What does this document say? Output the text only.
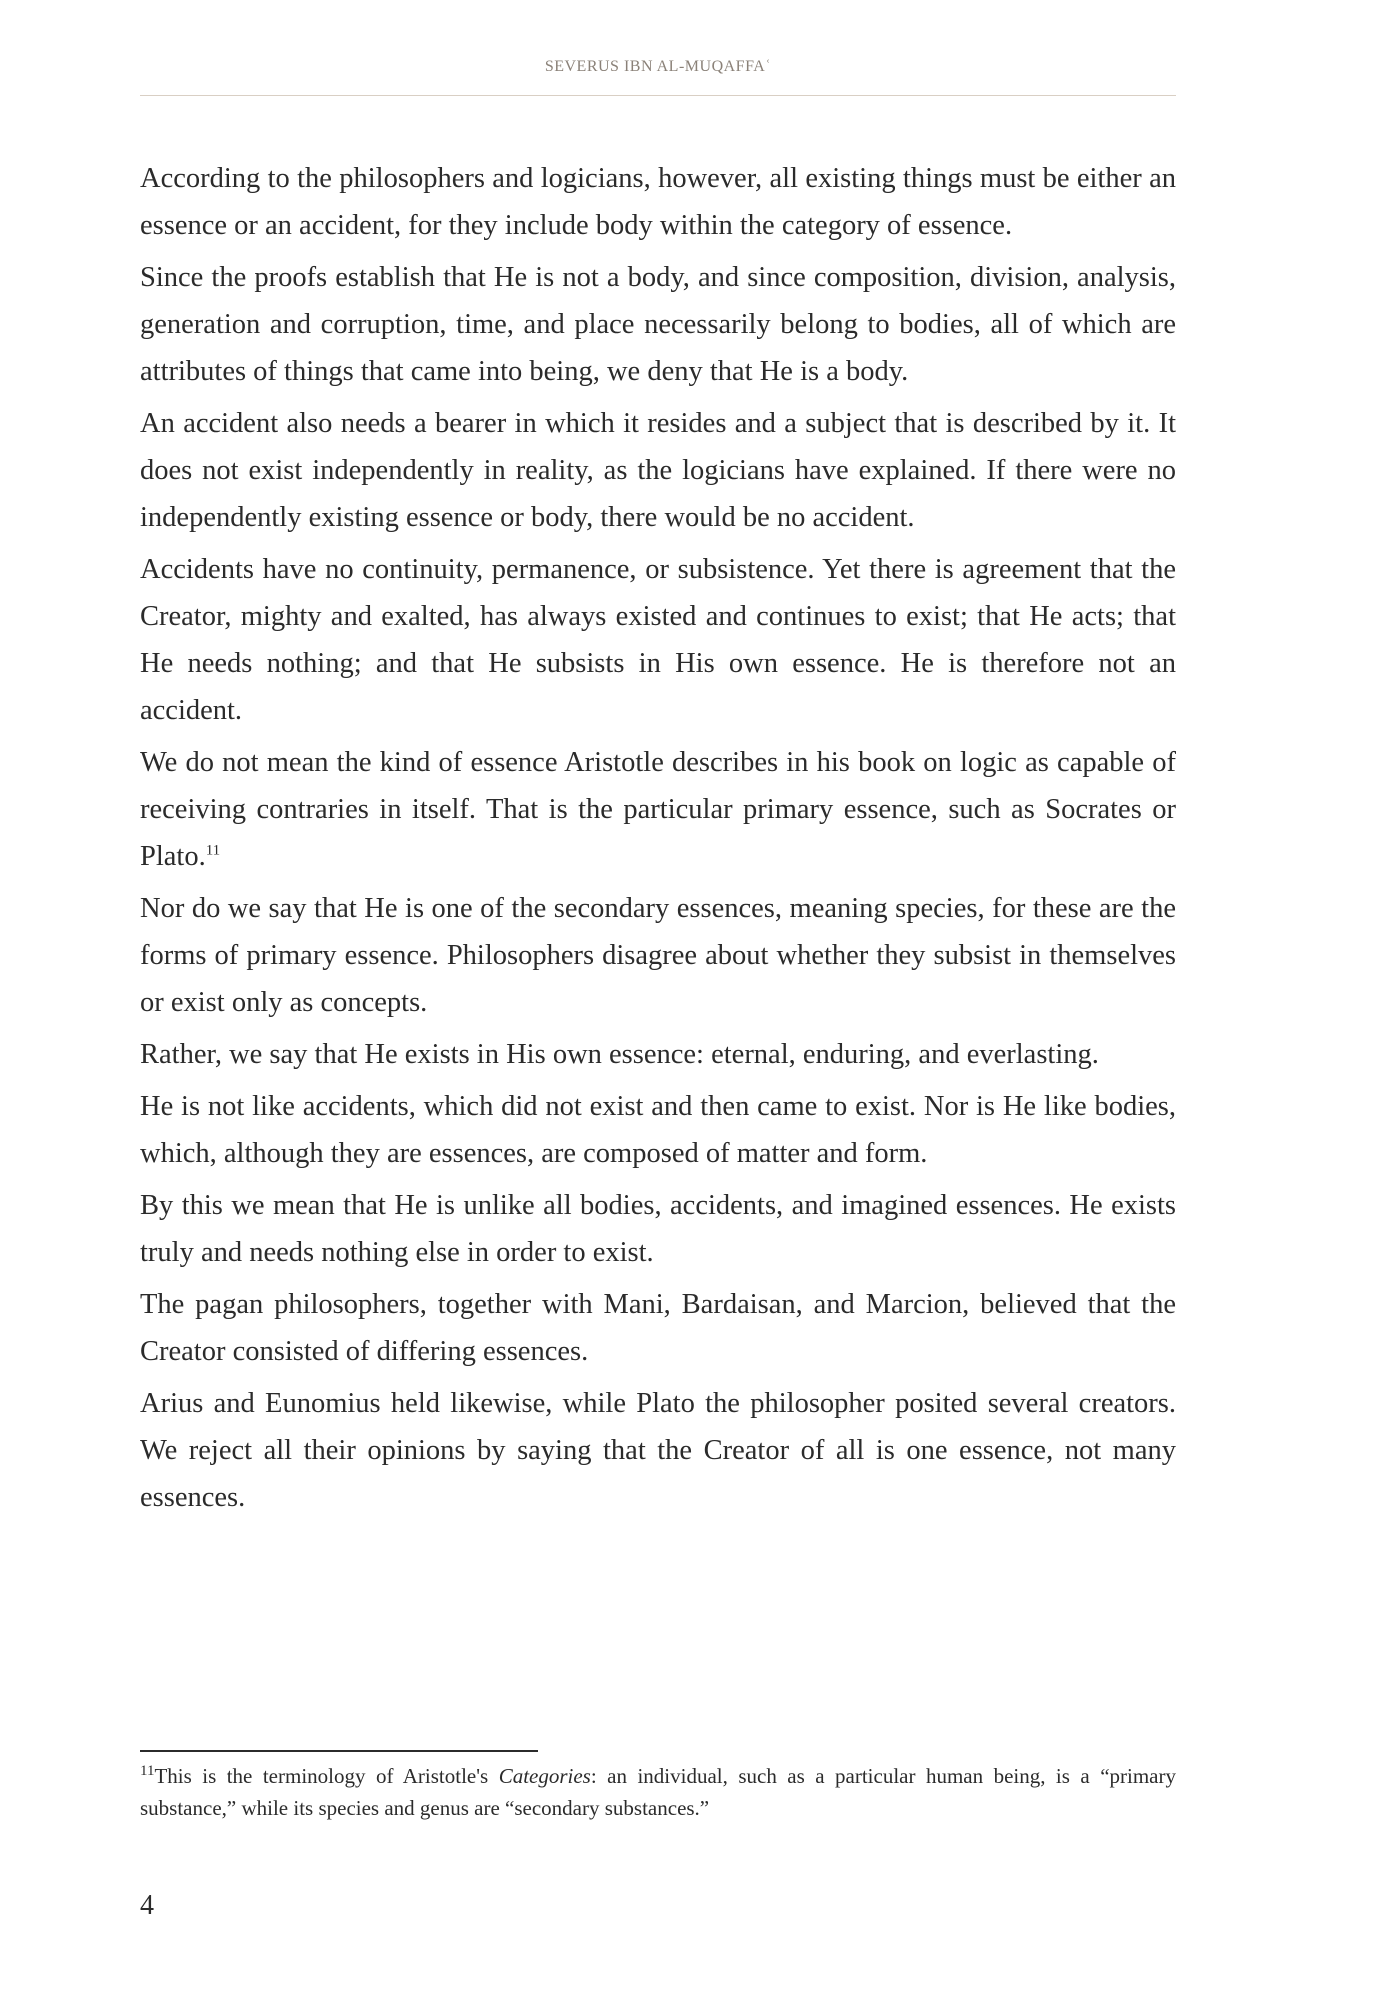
SEVERUS IBN AL-MUQAFFAʿ

According to the philosophers and logicians, however, all existing things must be either an essence or an accident, for they include body within the category of essence.

Since the proofs establish that He is not a body, and since composition, division, analysis, generation and corruption, time, and place necessarily belong to bodies, all of which are attributes of things that came into being, we deny that He is a body.

An accident also needs a bearer in which it resides and a subject that is described by it. It does not exist independently in reality, as the logicians have explained. If there were no independently existing essence or body, there would be no accident.

Accidents have no continuity, permanence, or subsistence. Yet there is agreement that the Creator, mighty and exalted, has always existed and continues to exist; that He acts; that He needs nothing; and that He subsists in His own essence. He is therefore not an accident.

We do not mean the kind of essence Aristotle describes in his book on logic as capable of receiving contraries in itself. That is the particular primary essence, such as Socrates or Plato.$^{11}$

Nor do we say that He is one of the secondary essences, meaning species, for these are the forms of primary essence. Philosophers disagree about whether they subsist in themselves or exist only as concepts.

Rather, we say that He exists in His own essence: eternal, enduring, and everlasting.

He is not like accidents, which did not exist and then came to exist. Nor is He like bodies, which, although they are essences, are composed of matter and form.

By this we mean that He is unlike all bodies, accidents, and imagined essences. He exists truly and needs nothing else in order to exist.

The pagan philosophers, together with Mani, Bardaisan, and Marcion, believed that the Creator consisted of differing essences.

Arius and Eunomius held likewise, while Plato the philosopher posited several creators. We reject all their opinions by saying that the Creator of all is one essence, not many essences.

$^{11}$This is the terminology of Aristotle's Categories: an individual, such as a particular human being, is a “primary substance,” while its species and genus are “secondary substances.”

4
